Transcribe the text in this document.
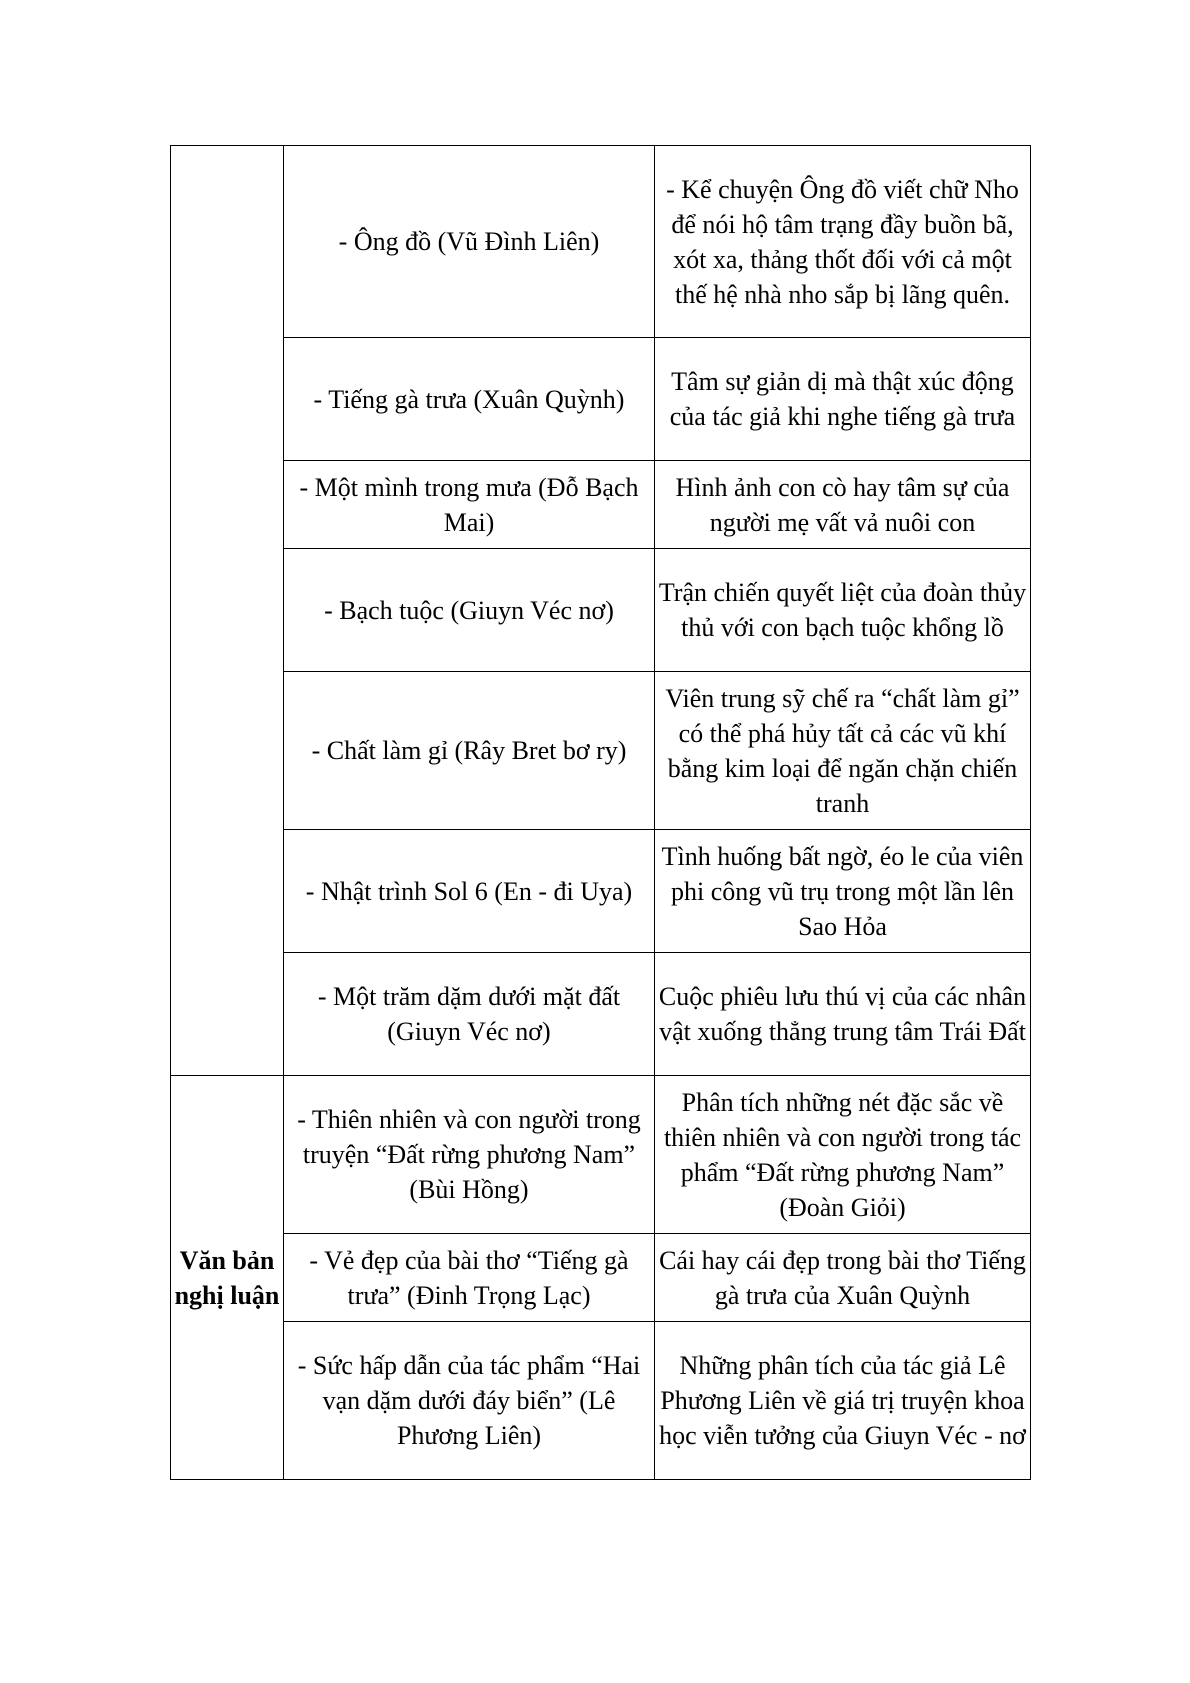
	- Ông đồ (Vũ Đình Liên)	- Kể chuyện Ông đồ viết chữ Nho để nói hộ tâm trạng đầy buồn bã, xót xa, thảng thốt đối với cả một thế hệ nhà nho sắp bị lãng quên.
	- Tiếng gà trưa (Xuân Quỳnh)	Tâm sự giản dị mà thật xúc động của tác giả khi nghe tiếng gà trưa
	- Một mình trong mưa (Đỗ Bạch Mai)	Hình ảnh con cò hay tâm sự của người mẹ vất vả nuôi con
	- Bạch tuộc (Giuyn Véc nơ)	Trận chiến quyết liệt của đoàn thủy thủ với con bạch tuộc khổng lồ
	- Chất làm gỉ (Rây Bret bơ ry)	Viên trung sỹ chế ra “chất làm gỉ” có thể phá hủy tất cả các vũ khí bằng kim loại để ngăn chặn chiến tranh
	- Nhật trình Sol 6 (En - đi Uya)	Tình huống bất ngờ, éo le của viên phi công vũ trụ trong một lần lên Sao Hỏa
	- Một trăm dặm dưới mặt đất (Giuyn Véc nơ)	Cuộc phiêu lưu thú vị của các nhân vật xuống thẳng trung tâm Trái Đất
Văn bản nghị luận	- Thiên nhiên và con người trong truyện “Đất rừng phương Nam” (Bùi Hồng)	Phân tích những nét đặc sắc về thiên nhiên và con người trong tác phẩm “Đất rừng phương Nam” (Đoàn Giỏi)
	- Vẻ đẹp của bài thơ “Tiếng gà trưa” (Đinh Trọng Lạc)	Cái hay cái đẹp trong bài thơ Tiếng gà trưa của Xuân Quỳnh
	- Sức hấp dẫn của tác phẩm “Hai vạn dặm dưới đáy biển” (Lê Phương Liên)	Những phân tích của tác giả Lê Phương Liên về giá trị truyện khoa học viễn tưởng của Giuyn Véc - nơ
